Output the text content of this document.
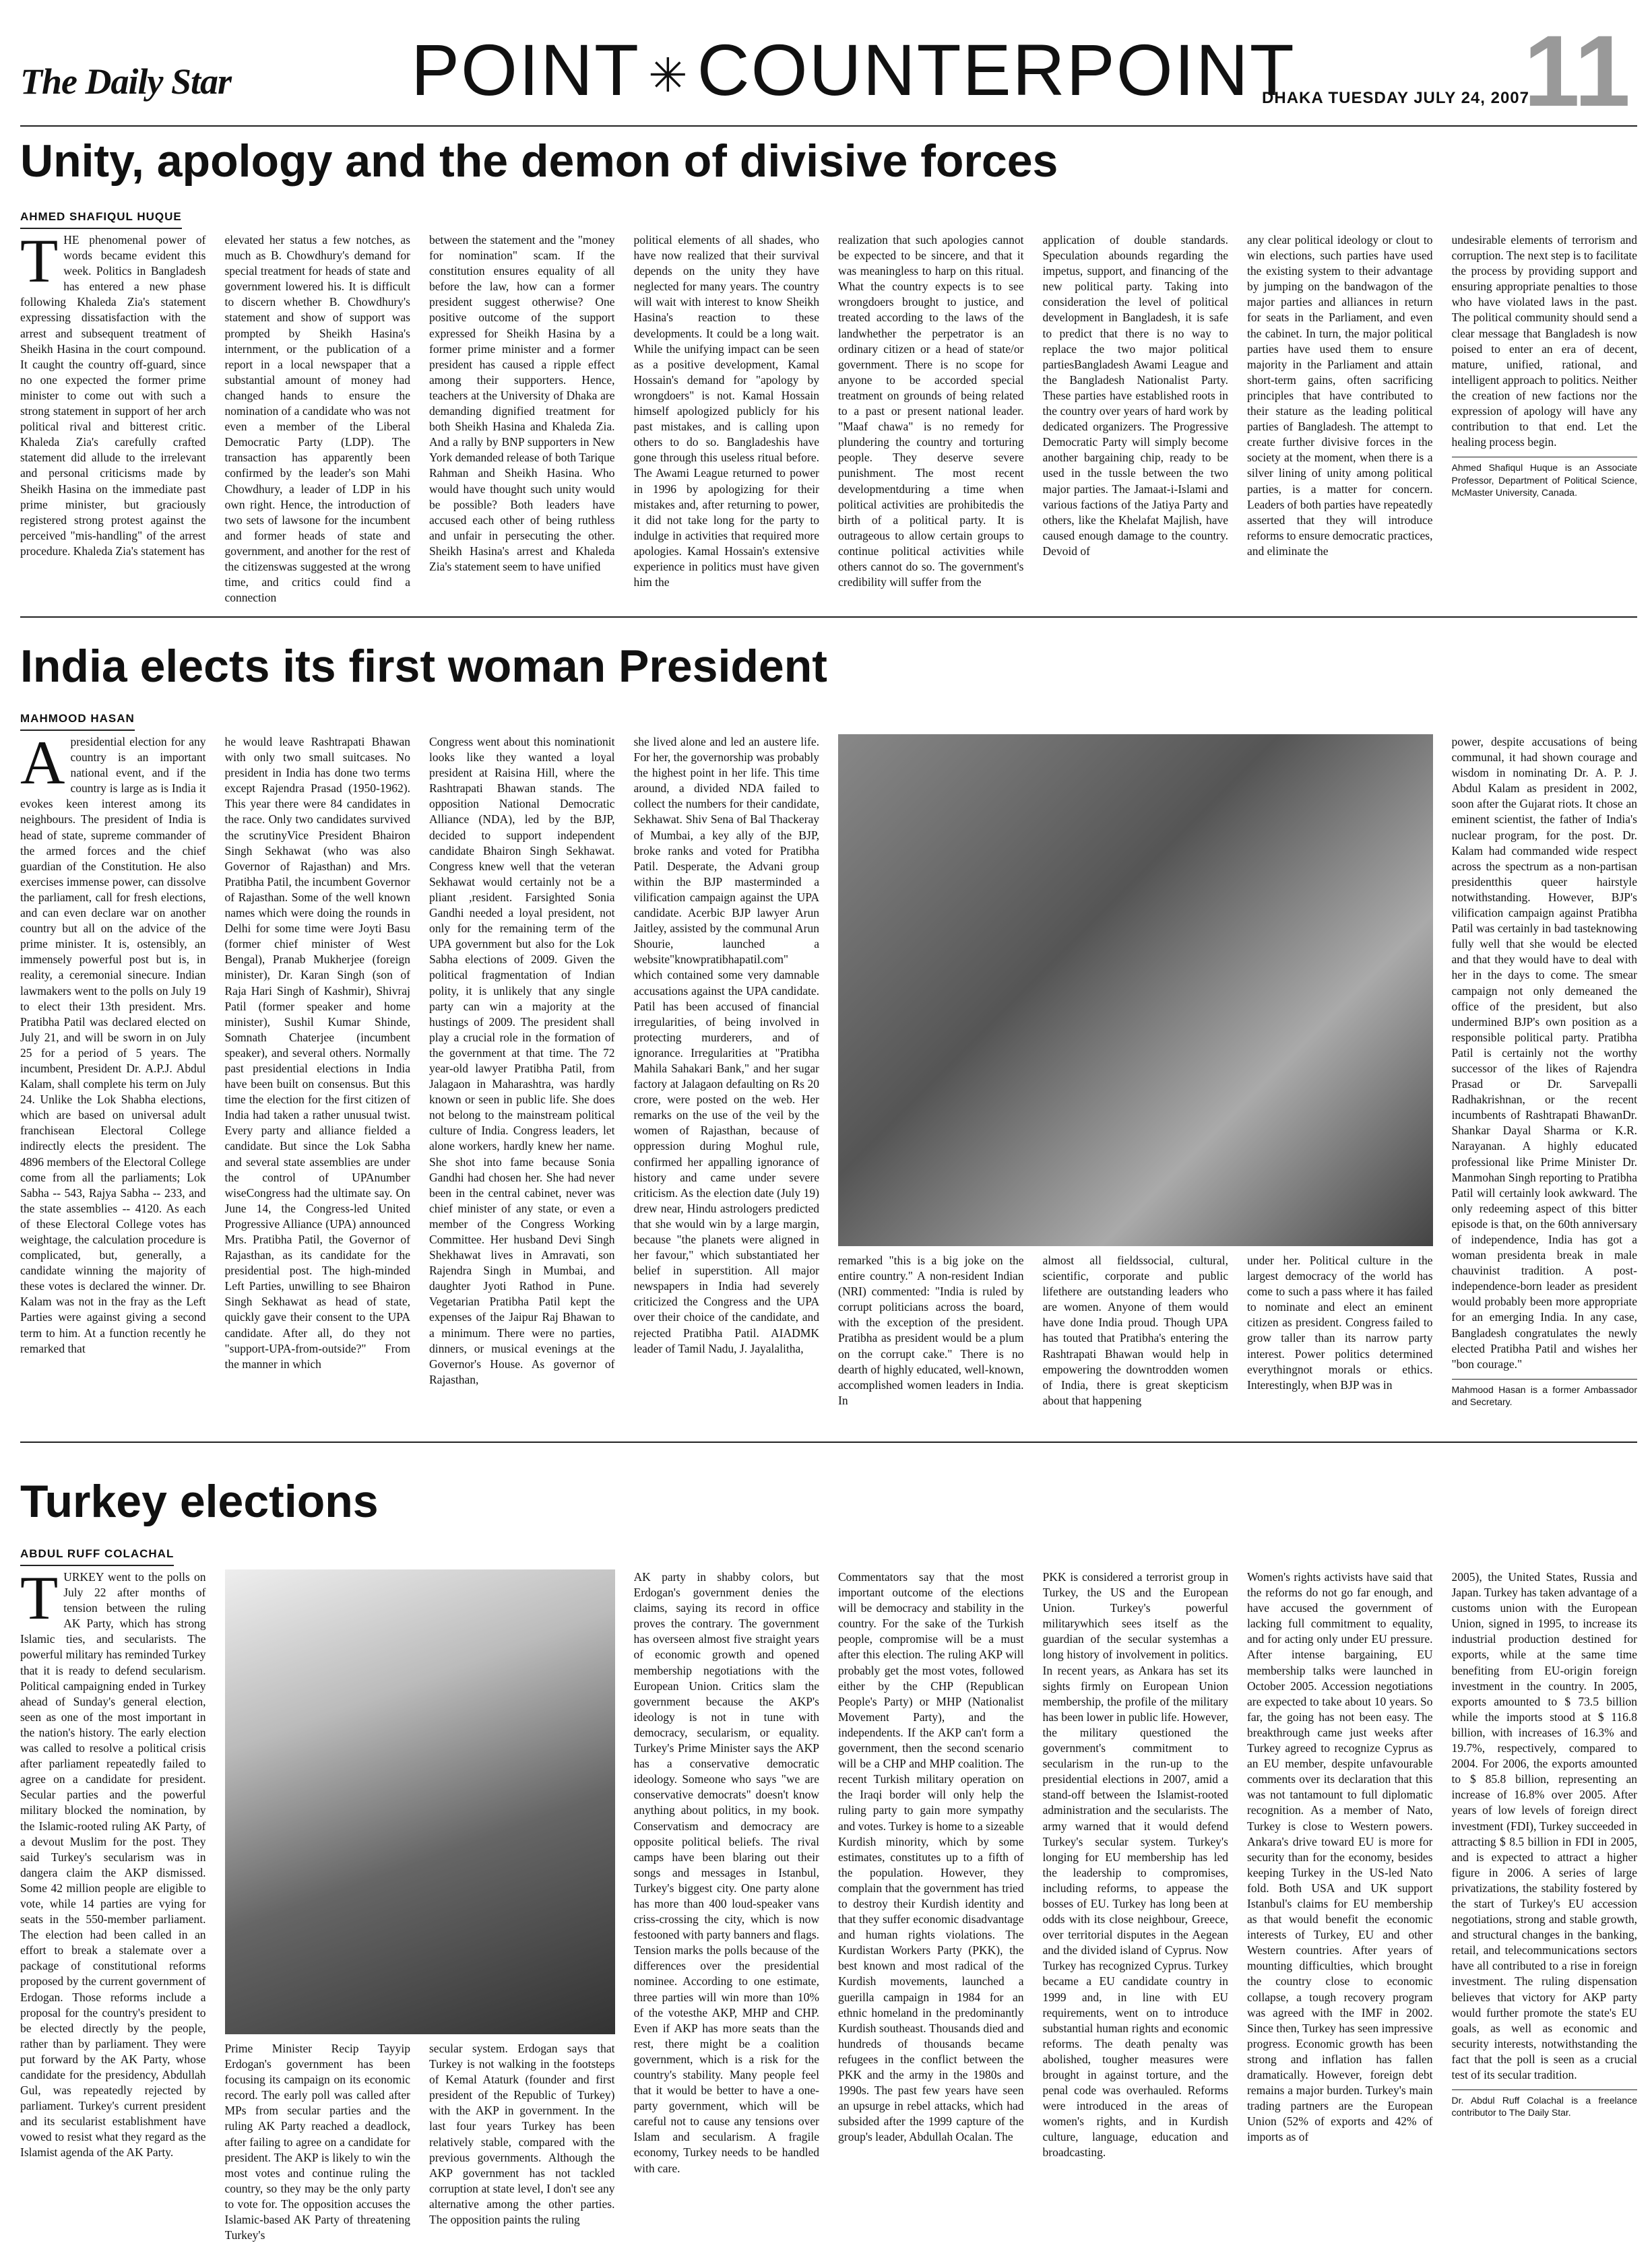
The Daily Star POINT ✳ COUNTERPOINT
DHAKA TUESDAY JULY 24, 2007
11
Unity, apology and the demon of divisive forces
AHMED SHAFIQUL HUQUE
THE phenomenal power of words became evident this week. Politics in Bangladesh has entered a new phase following Khaleda Zia's statement expressing dissatisfaction with the arrest and subsequent treatment of Sheikh Hasina in the court compound. It caught the country off-guard, since no one expected the former prime minister to come out with such a strong statement in support of her arch political rival and bitterest critic. Khaleda Zia's carefully crafted statement did allude to the irrelevant and personal criticisms made by Sheikh Hasina on the immediate past prime minister, but graciously registered strong protest against the perceived "mis-handling" of the arrest procedure. Khaleda Zia's statement has
elevated her status a few notches, as much as B. Chowdhury's demand for special treatment for heads of state and government lowered his. It is difficult to discern whether B. Chowdhury's statement and show of support was prompted by Sheikh Hasina's internment, or the publication of a report in a local newspaper that a substantial amount of money had changed hands to ensure the nomination of a candidate who was not even a member of the Liberal Democratic Party (LDP). The transaction has apparently been confirmed by the leader's son Mahi Chowdhury, a leader of LDP in his own right. Hence, the introduction of two sets of lawsone for the incumbent and former heads of state and government, and another for the rest of the citizenswas suggested at the wrong time, and critics could find a connection
between the statement and the "money for nomination" scam. If the constitution ensures equality of all before the law, how can a former president suggest otherwise? One positive outcome of the support expressed for Sheikh Hasina by a former prime minister and a former president has caused a ripple effect among their supporters. Hence, teachers at the University of Dhaka are demanding dignified treatment for both Sheikh Hasina and Khaleda Zia. And a rally by BNP supporters in New York demanded release of both Tarique Rahman and Sheikh Hasina. Who would have thought such unity would be possible? Both leaders have accused each other of being ruthless and unfair in persecuting the other. Sheikh Hasina's arrest and Khaleda Zia's statement seem to have unified
political elements of all shades, who have now realized that their survival depends on the unity they have neglected for many years. The country will wait with interest to know Sheikh Hasina's reaction to these developments. It could be a long wait. While the unifying impact can be seen as a positive development, Kamal Hossain's demand for "apology by wrongdoers" is not. Kamal Hossain himself apologized publicly for his past mistakes, and is calling upon others to do so. Bangladeshis have gone through this useless ritual before. The Awami League returned to power in 1996 by apologizing for their mistakes and, after returning to power, it did not take long for the party to indulge in activities that required more apologies. Kamal Hossain's extensive experience in politics must have given him the
realization that such apologies cannot be expected to be sincere, and that it was meaningless to harp on this ritual. What the country expects is to see wrongdoers brought to justice, and treated according to the laws of the landwhether the perpetrator is an ordinary citizen or a head of state/or government. There is no scope for anyone to be accorded special treatment on grounds of being related to a past or present national leader. "Maaf chawa" is no remedy for plundering the country and torturing people. They deserve severe punishment. The most recent developmentduring a time when political activities are prohibitedis the birth of a political party. It is outrageous to allow certain groups to continue political activities while others cannot do so. The government's credibility will suffer from the
application of double standards. Speculation abounds regarding the impetus, support, and financing of the new political party. Taking into consideration the level of political development in Bangladesh, it is safe to predict that there is no way to replace the two major political partiesBangladesh Awami League and the Bangladesh Nationalist Party. These parties have established roots in the country over years of hard work by dedicated organizers. The Progressive Democratic Party will simply become another bargaining chip, ready to be used in the tussle between the two major parties. The Jamaat-i-Islami and various factions of the Jatiya Party and others, like the Khelafat Majlish, have caused enough damage to the country. Devoid of
any clear political ideology or clout to win elections, such parties have used the existing system to their advantage by jumping on the bandwagon of the major parties and alliances in return for seats in the Parliament, and even the cabinet. In turn, the major political parties have used them to ensure majority in the Parliament and attain short-term gains, often sacrificing principles that have contributed to their stature as the leading political parties of Bangladesh. The attempt to create further divisive forces in the society at the moment, when there is a silver lining of unity among political parties, is a matter for concern. Leaders of both parties have repeatedly asserted that they will introduce reforms to ensure democratic practices, and eliminate the
undesirable elements of terrorism and corruption. The next step is to facilitate the process by providing support and ensuring appropriate penalties to those who have violated laws in the past. The political community should send a clear message that Bangladesh is now poised to enter an era of decent, mature, unified, rational, and intelligent approach to politics. Neither the creation of new factions nor the expression of apology will have any contribution to that end. Let the healing process begin.
Ahmed Shafiqul Huque is an Associate Professor, Department of Political Science, McMaster University, Canada.
India elects its first woman President
MAHMOOD HASAN
Apresidential election for any country is an important national event, and if the country is large as is India it evokes keen interest among its neighbours. The president of India is head of state, supreme commander of the armed forces and the chief guardian of the Constitution. He also exercises immense power, can dissolve the parliament, call for fresh elections, and can even declare war on another country but all on the advice of the prime minister. It is, ostensibly, an immensely powerful post but is, in reality, a ceremonial sinecure. Indian lawmakers went to the polls on July 19 to elect their 13th president. Mrs. Pratibha Patil was declared elected on July 21, and will be sworn in on July 25 for a period of 5 years. The incumbent, President Dr. A.P.J. Abdul Kalam, shall complete his term on July 24. Unlike the Lok Shabha elections, which are based on universal adult franchisean Electoral College indirectly elects the president. The 4896 members of the Electoral College come from all the parliaments; Lok Sabha -- 543, Rajya Sabha -- 233, and the state assemblies -- 4120. As each of these Electoral College votes has weightage, the calculation procedure is complicated, but, generally, a candidate winning the majority of these votes is declared the winner. Dr. Kalam was not in the fray as the Left Parties were against giving a second term to him. At a function recently he remarked that
he would leave Rashtrapati Bhawan with only two small suitcases. No president in India has done two terms except Rajendra Prasad (1950-1962). This year there were 84 candidates in the race. Only two candidates survived the scrutinyVice President Bhairon Singh Sekhawat (who was also Governor of Rajasthan) and Mrs. Pratibha Patil, the incumbent Governor of Rajasthan. Some of the well known names which were doing the rounds in Delhi for some time were Joyti Basu (former chief minister of West Bengal), Pranab Mukherjee (foreign minister), Dr. Karan Singh (son of Raja Hari Singh of Kashmir), Shivraj Patil (former speaker and home minister), Sushil Kumar Shinde, Somnath Chaterjee (incumbent speaker), and several others. Normally past presidential elections in India have been built on consensus. But this time the election for the first citizen of India had taken a rather unusual twist. Every party and alliance fielded a candidate. But since the Lok Sabha and several state assemblies are under the control of UPAnumber wiseCongress had the ultimate say. On June 14, the Congress-led United Progressive Alliance (UPA) announced Mrs. Pratibha Patil, the Governor of Rajasthan, as its candidate for the presidential post. The high-minded Left Parties, unwilling to see Bhairon Singh Sekhawat as head of state, quickly gave their consent to the UPA candidate. After all, do they not "support-UPA-from-outside?" From the manner in which
Congress went about this nominationit looks like they wanted a loyal president at Raisina Hill, where the Rashtrapati Bhawan stands. The opposition National Democratic Alliance (NDA), led by the BJP, decided to support independent candidate Bhairon Singh Sekhawat. Congress knew well that the veteran Sekhawat would certainly not be a pliant ,resident. Farsighted Sonia Gandhi needed a loyal president, not only for the remaining term of the UPA government but also for the Lok Sabha elections of 2009. Given the political fragmentation of Indian polity, it is unlikely that any single party can win a majority at the hustings of 2009. The president shall play a crucial role in the formation of the government at that time. The 72 year-old lawyer Pratibha Patil, from Jalagaon in Maharashtra, was hardly known or seen in public life. She does not belong to the mainstream political culture of India. Congress leaders, let alone workers, hardly knew her name. She shot into fame because Sonia Gandhi had chosen her. She had never been in the central cabinet, never was chief minister of any state, or even a member of the Congress Working Committee. Her husband Devi Singh Shekhawat lives in Amravati, son Rajendra Singh in Mumbai, and daughter Jyoti Rathod in Pune. Vegetarian Pratibha Patil kept the expenses of the Jaipur Raj Bhawan to a minimum. There were no parties, dinners, or musical evenings at the Governor's House. As governor of Rajasthan,
she lived alone and led an austere life. For her, the governorship was probably the highest point in her life. This time around, a divided NDA failed to collect the numbers for their candidate, Sekhawat. Shiv Sena of Bal Thackeray of Mumbai, a key ally of the BJP, broke ranks and voted for Pratibha Patil. Desperate, the Advani group within the BJP masterminded a vilification campaign against the UPA candidate. Acerbic BJP lawyer Arun Jaitley, assisted by the communal Arun Shourie, launched a website"knowpratibhapatil.com" which contained some very damnable accusations against the UPA candidate. Patil has been accused of financial irregularities, of being involved in protecting murderers, and of ignorance. Irregularities at "Pratibha Mahila Sahakari Bank," and her sugar factory at Jalagaon defaulting on Rs 20 crore, were posted on the web. Her remarks on the use of the veil by the women of Rajasthan, because of oppression during Moghul rule, confirmed her appalling ignorance of history and came under severe criticism. As the election date (July 19) drew near, Hindu astrologers predicted that she would win by a large margin, because "the planets were aligned in her favour," which substantiated her belief in superstition. All major newspapers in India had severely criticized the Congress and the UPA over their choice of the candidate, and rejected Pratibha Patil. AIADMK leader of Tamil Nadu, J. Jayalalitha,
remarked "this is a big joke on the entire country." A non-resident Indian (NRI) commented: "India is ruled by corrupt politicians across the board, with the exception of the president. Pratibha as president would be a plum on the corrupt cake." There is no dearth of highly educated, well-known, accomplished women leaders in India. In
almost all fieldssocial, cultural, scientific, corporate and public lifethere are outstanding leaders who are women. Anyone of them would have done India proud. Though UPA has touted that Pratibha's entering the Rashtrapati Bhawan would help in empowering the downtrodden women of India, there is great skepticism about that happening
under her. Political culture in the largest democracy of the world has come to such a pass where it has failed to nominate and elect an eminent citizen as president. Congress failed to grow taller than its narrow party interest. Power politics determined everythingnot morals or ethics. Interestingly, when BJP was in
power, despite accusations of being communal, it had shown courage and wisdom in nominating Dr. A. P. J. Abdul Kalam as president in 2002, soon after the Gujarat riots. It chose an eminent scientist, the father of India's nuclear program, for the post. Dr. Kalam had commanded wide respect across the spectrum as a non-partisan presidentthis queer hairstyle notwithstanding. However, BJP's vilification campaign against Pratibha Patil was certainly in bad tasteknowing fully well that she would be elected and that they would have to deal with her in the days to come. The smear campaign not only demeaned the office of the president, but also undermined BJP's own position as a responsible political party. Pratibha Patil is certainly not the worthy successor of the likes of Rajendra Prasad or Dr. Sarvepalli Radhakrishnan, or the recent incumbents of Rashtrapati BhawanDr. Shankar Dayal Sharma or K.R. Narayanan. A highly educated professional like Prime Minister Dr. Manmohan Singh reporting to Pratibha Patil will certainly look awkward. The only redeeming aspect of this bitter episode is that, on the 60th anniversary of independence, India has got a woman presidenta break in male chauvinist tradition. A post-independence-born leader as president would probably been more appropriate for an emerging India. In any case, Bangladesh congratulates the newly elected Pratibha Patil and wishes her "bon courage."
Mahmood Hasan is a former Ambassador and Secretary.
Turkey elections
ABDUL RUFF COLACHAL
TURKEY went to the polls on July 22 after months of tension between the ruling AK Party, which has strong Islamic ties, and secularists. The powerful military has reminded Turkey that it is ready to defend secularism. Political campaigning ended in Turkey ahead of Sunday's general election, seen as one of the most important in the nation's history. The early election was called to resolve a political crisis after parliament repeatedly failed to agree on a candidate for president. Secular parties and the powerful military blocked the nomination, by the Islamic-rooted ruling AK Party, of a devout Muslim for the post. They said Turkey's secularism was in dangera claim the AKP dismissed. Some 42 million people are eligible to vote, while 14 parties are vying for seats in the 550-member parliament. The election had been called in an effort to break a stalemate over a package of constitutional reforms proposed by the current government of Erdogan. Those reforms include a proposal for the country's president to be elected directly by the people, rather than by parliament. They were put forward by the AK Party, whose candidate for the presidency, Abdullah Gul, was repeatedly rejected by parliament. Turkey's current president and its secularist establishment have vowed to resist what they regard as the Islamist agenda of the AK Party.
Prime Minister Recip Tayyip Erdogan's government has been focusing its campaign on its economic record. The early poll was called after MPs from secular parties and the ruling AK Party reached a deadlock, after failing to agree on a candidate for president. The AKP is likely to win the most votes and continue ruling the country, so they may be the only party to vote for. The opposition accuses the Islamic-based AK Party of threatening Turkey's
secular system. Erdogan says that Turkey is not walking in the footsteps of Kemal Ataturk (founder and first president of the Republic of Turkey) with the AKP in government. In the last four years Turkey has been relatively stable, compared with the previous governments. Although the AKP government has not tackled corruption at state level, I don't see any alternative among the other parties. The opposition paints the ruling
AK party in shabby colors, but Erdogan's government denies the claims, saying its record in office proves the contrary. The government has overseen almost five straight years of economic growth and opened membership negotiations with the European Union. Critics slam the government because the AKP's ideology is not in tune with democracy, secularism, or equality. Turkey's Prime Minister says the AKP has a conservative democratic ideology. Someone who says "we are conservative democrats" doesn't know anything about politics, in my book. Conservatism and democracy are opposite political beliefs. The rival camps have been blaring out their songs and messages in Istanbul, Turkey's biggest city. One party alone has more than 400 loud-speaker vans criss-crossing the city, which is now festooned with party banners and flags. Tension marks the polls because of the differences over the presidential nominee. According to one estimate, three parties will win more than 10% of the votesthe AKP, MHP and CHP. Even if AKP has more seats than the rest, there might be a coalition government, which is a risk for the country's stability. Many people feel that it would be better to have a one-party government, which will be careful not to cause any tensions over Islam and secularism. A fragile economy, Turkey needs to be handled with care.
Commentators say that the most important outcome of the elections will be democracy and stability in the country. For the sake of the Turkish people, compromise will be a must after this election. The ruling AKP will probably get the most votes, followed either by the CHP (Republican People's Party) or MHP (Nationalist Movement Party), and the independents. If the AKP can't form a government, then the second scenario will be a CHP and MHP coalition. The recent Turkish military operation on the Iraqi border will only help the ruling party to gain more sympathy and votes. Turkey is home to a sizeable Kurdish minority, which by some estimates, constitutes up to a fifth of the population. However, they complain that the government has tried to destroy their Kurdish identity and that they suffer economic disadvantage and human rights violations. The Kurdistan Workers Party (PKK), the best known and most radical of the Kurdish movements, launched a guerilla campaign in 1984 for an ethnic homeland in the predominantly Kurdish southeast. Thousands died and hundreds of thousands became refugees in the conflict between the PKK and the army in the 1980s and 1990s. The past few years have seen an upsurge in rebel attacks, which had subsided after the 1999 capture of the group's leader, Abdullah Ocalan. The
PKK is considered a terrorist group in Turkey, the US and the European Union. Turkey's powerful militarywhich sees itself as the guardian of the secular systemhas a long history of involvement in politics. In recent years, as Ankara has set its sights firmly on European Union membership, the profile of the military has been lower in public life. However, the military questioned the government's commitment to secularism in the run-up to the presidential elections in 2007, amid a stand-off between the Islamist-rooted administration and the secularists. The army warned that it would defend Turkey's secular system. Turkey's longing for EU membership has led the leadership to compromises, including reforms, to appease the bosses of EU. Turkey has long been at odds with its close neighbour, Greece, over territorial disputes in the Aegean and the divided island of Cyprus. Now Turkey has recognized Cyprus. Turkey became a EU candidate country in 1999 and, in line with EU requirements, went on to introduce substantial human rights and economic reforms. The death penalty was abolished, tougher measures were brought in against torture, and the penal code was overhauled. Reforms were introduced in the areas of women's rights, and in Kurdish culture, language, education and broadcasting.
Women's rights activists have said that the reforms do not go far enough, and have accused the government of lacking full commitment to equality, and for acting only under EU pressure. After intense bargaining, EU membership talks were launched in October 2005. Accession negotiations are expected to take about 10 years. So far, the going has not been easy. The breakthrough came just weeks after Turkey agreed to recognize Cyprus as an EU member, despite unfavourable comments over its declaration that this was not tantamount to full diplomatic recognition. As a member of Nato, Turkey is close to Western powers. Ankara's drive toward EU is more for security than for the economy, besides keeping Turkey in the US-led Nato fold. Both USA and UK support Istanbul's claims for EU membership as that would benefit the economic interests of Turkey, EU and other Western countries. After years of mounting difficulties, which brought the country close to economic collapse, a tough recovery program was agreed with the IMF in 2002. Since then, Turkey has seen impressive progress. Economic growth has been strong and inflation has fallen dramatically. However, foreign debt remains a major burden. Turkey's main trading partners are the European Union (52% of exports and 42% of imports as of
2005), the United States, Russia and Japan. Turkey has taken advantage of a customs union with the European Union, signed in 1995, to increase its industrial production destined for exports, while at the same time benefiting from EU-origin foreign investment in the country. In 2005, exports amounted to $ 73.5 billion while the imports stood at $ 116.8 billion, with increases of 16.3% and 19.7%, respectively, compared to 2004. For 2006, the exports amounted to $ 85.8 billion, representing an increase of 16.8% over 2005. After years of low levels of foreign direct investment (FDI), Turkey succeeded in attracting $ 8.5 billion in FDI in 2005, and is expected to attract a higher figure in 2006. A series of large privatizations, the stability fostered by the start of Turkey's EU accession negotiations, strong and stable growth, and structural changes in the banking, retail, and telecommunications sectors have all contributed to a rise in foreign investment. The ruling dispensation believes that victory for AKP party would further promote the state's EU goals, as well as economic and security interests, notwithstanding the fact that the poll is seen as a crucial test of its secular tradition.
Dr. Abdul Ruff Colachal is a freelance contributor to The Daily Star.
